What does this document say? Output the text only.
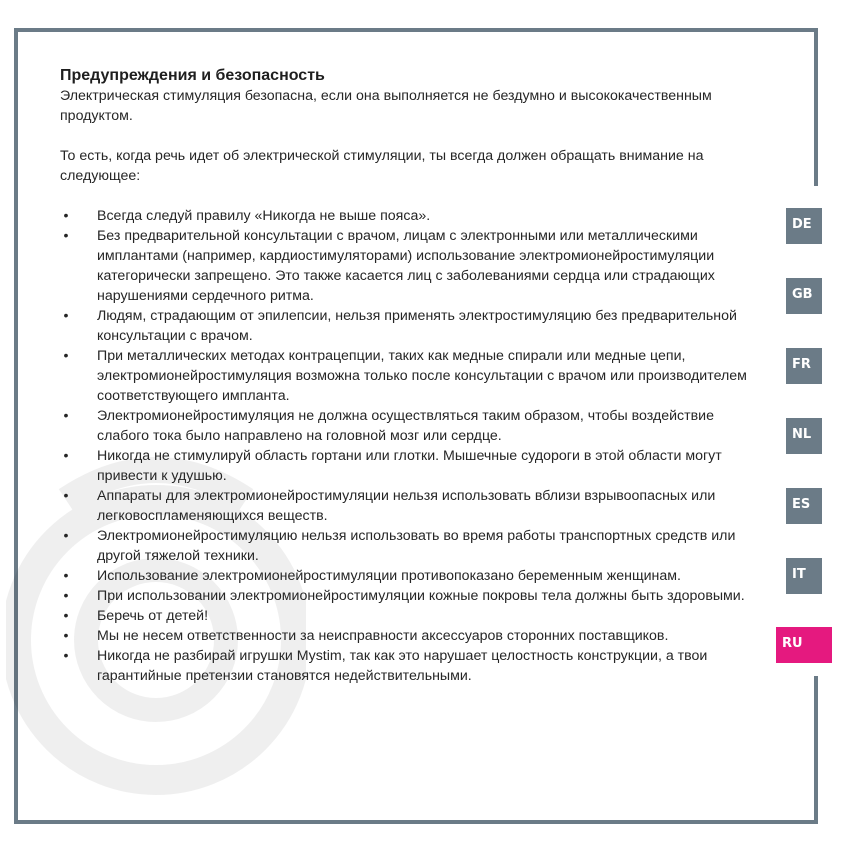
Предупреждения и безопасность

Электрическая стимуляция безопасна, если она выполняется не бездумно и высококачественным продуктом.

То есть, когда речь идет об электрической стимуляции, ты всегда должен обращать внимание на следующее:

• Всегда следуй правилу «Никогда не выше пояса».
• Без предварительной консультации с врачом, лицам с электронными или металлическими имплантами (например, кардиостимуляторами) использование электромионейростимуляции категорически запрещено. Это также касается лиц с заболеваниями сердца или страдающих нарушениями сердечного ритма.
• Людям, страдающим от эпилепсии, нельзя применять электростимуляцию без предварительной консультации с врачом.
• При металлических методах контрацепции, таких как медные спирали или медные цепи, электромионейростимуляция возможна только после консультации с врачом или производителем соответствующего импланта.
• Электромионейростимуляция не должна осуществляться таким образом, чтобы воздействие слабого тока было направлено на головной мозг или сердце.
• Никогда не стимулируй область гортани или глотки. Мышечные судороги в этой области могут привести к удушью.
• Аппараты для электромионейростимуляции нельзя использовать вблизи взрывоопасных или легковоспламеняющихся веществ.
• Электромионейростимуляцию нельзя использовать во время работы транспортных средств или другой тяжелой техники.
• Использование электромионейростимуляции противопоказано беременным женщинам.
• При использовании электромионейростимуляции кожные покровы тела должны быть здоровыми.
• Беречь от детей!
• Мы не несем ответственности за неисправности аксессуаров сторонних поставщиков.
• Никогда не разбирай игрушки Mystim, так как это нарушает целостность конструкции, а твои гарантийные претензии становятся недействительными.
DE
GB
FR
NL
ES
IT
RU
